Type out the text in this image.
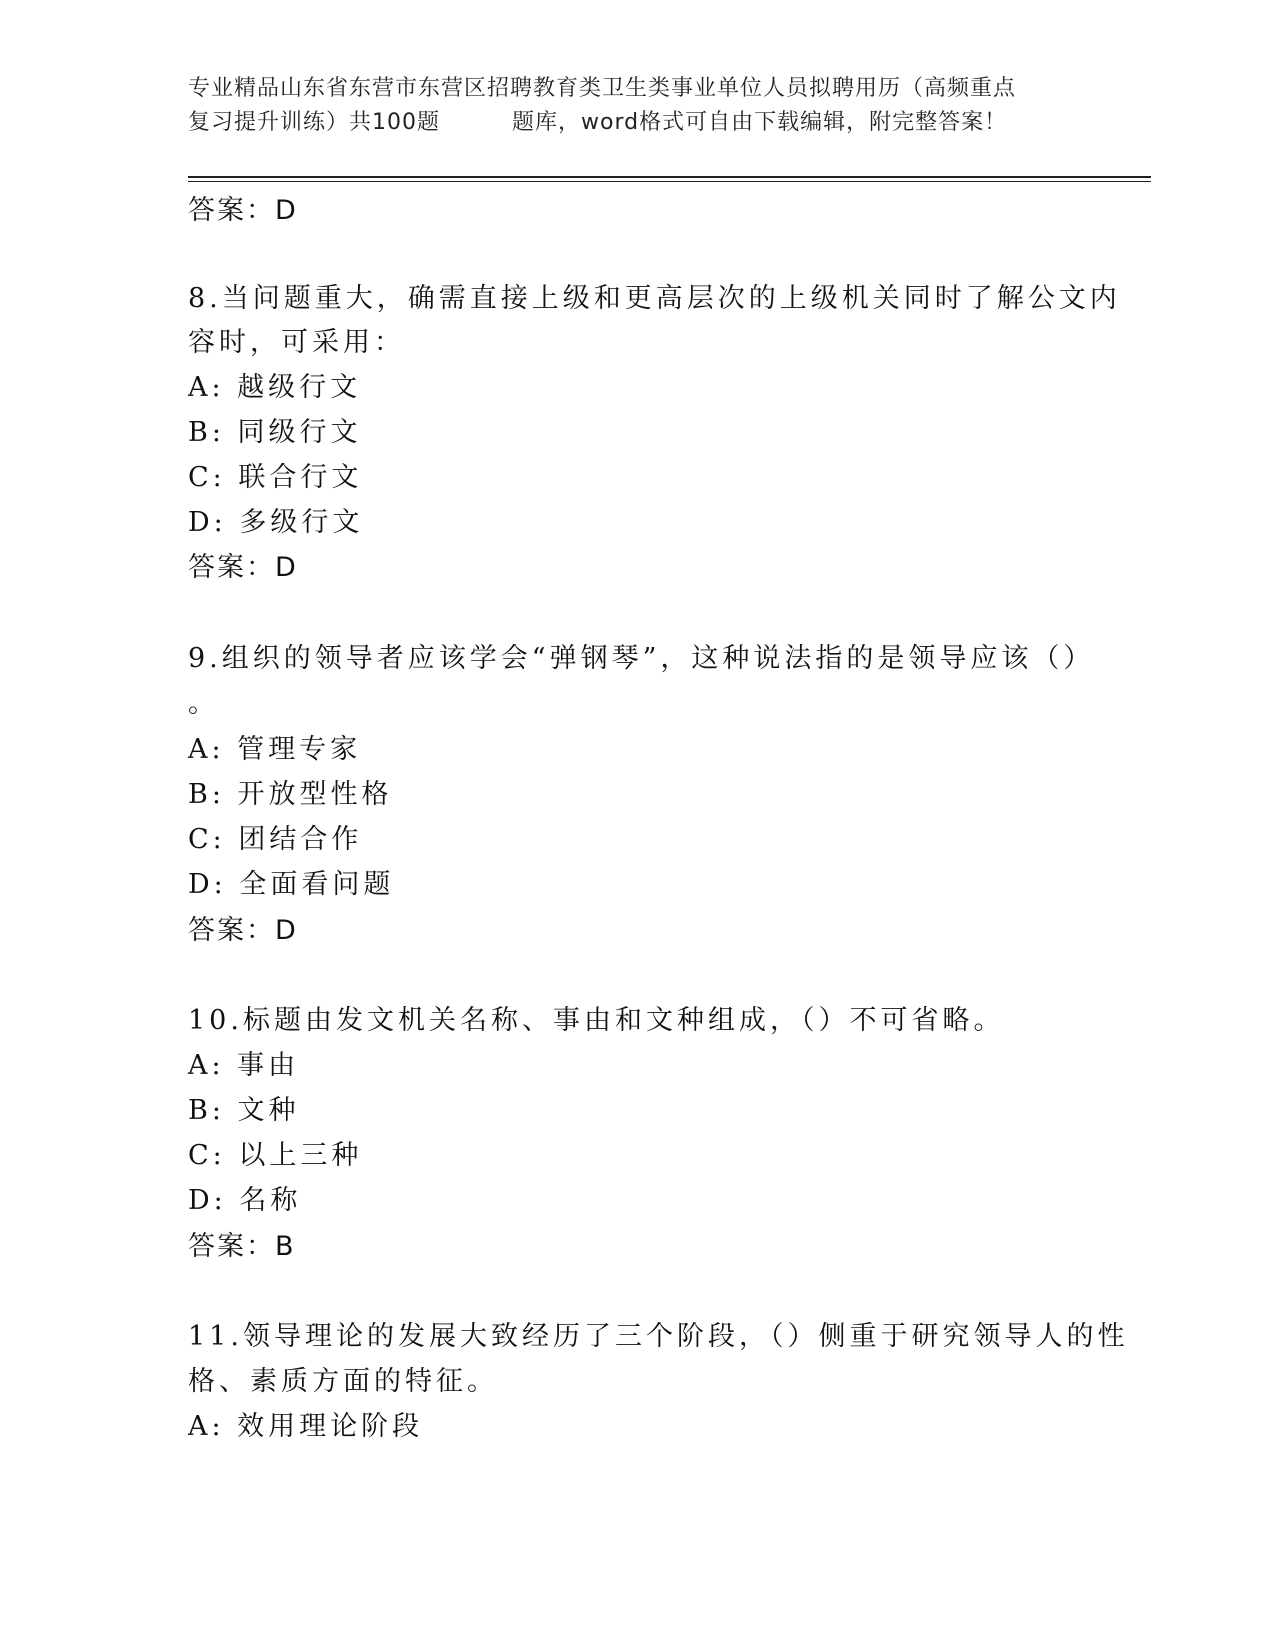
专业精品山东省东营市东营区招聘教育类卫生类事业单位人员拟聘用历（高频重点
复习提升训练）共100题	题库，word格式可自由下载编辑，附完整答案！
答案：D
8.当问题重大，确需直接上级和更高层次的上级机关同时了解公文内
容时，可采用：
A: 越级行文
B: 同级行文
C: 联合行文
D: 多级行文
答案：D
9.组织的领导者应该学会“弹钢琴”，这种说法指的是领导应该（）
。
A: 管理专家
B: 开放型性格
C: 团结合作
D: 全面看问题
答案：D
10.标题由发文机关名称、事由和文种组成，（）不可省略。
A: 事由
B: 文种
C: 以上三种
D: 名称
答案：B
11.领导理论的发展大致经历了三个阶段，（）侧重于研究领导人的性
格、素质方面的特征。
A: 效用理论阶段
